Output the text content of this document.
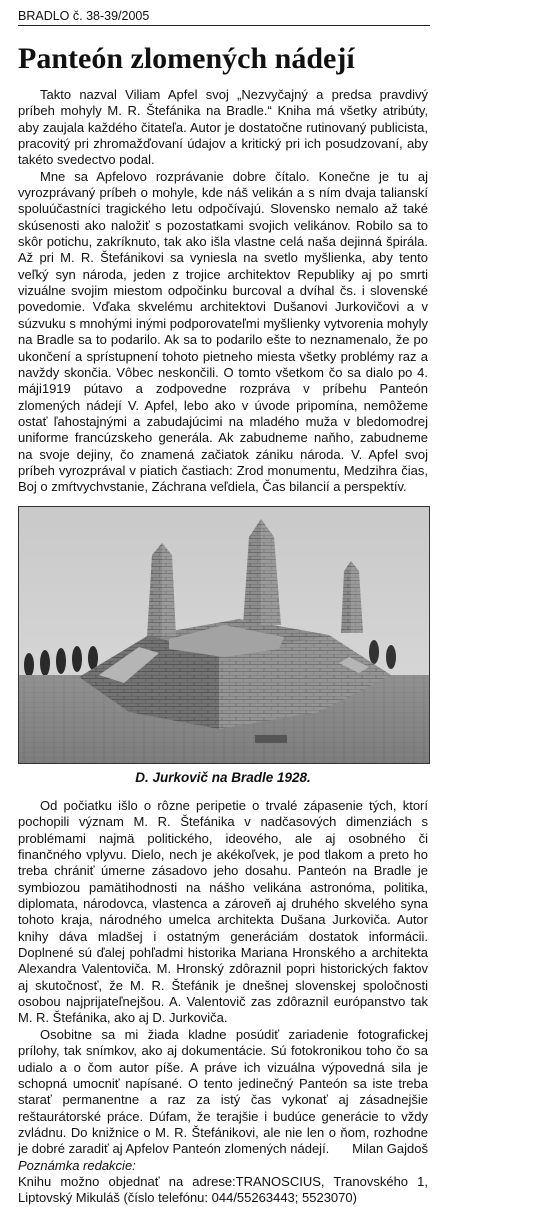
BRADLO č. 38-39/2005
Panteón zlomených nádejí

Takto nazval Viliam Apfel svoj „Nezvyčajný a predsa pravdivý príbeh mohyly M. R. Štefánika na Bradle.“ Kniha má všetky atribúty, aby zaujala každého čitateľa. Autor je dostatočne rutinovaný publicista, pracovitý pri zhromažďovaní údajov a kritický pri ich posudzovaní, aby takéto svedectvo podal.

Mne sa Apfelovo rozprávanie dobre čítalo. Konečne je tu aj vyrozprávaný príbeh o mohyle, kde náš velikán a s ním dvaja talianskí spoluúčastníci tragického letu odpočívajú. Slovensko nemalo až také skúsenosti ako naložiť s pozostatkami svojich velikánov. Robilo sa to skôr potichu, zakríknuto, tak ako išla vlastne celá naša dejinná špirála. Až pri M. R. Štefánikovi sa vyniesla na svetlo myšlienka, aby tento veľký syn národa, jeden z trojice architektov Republiky aj po smrti vizuálne svojim miestom odpočinku burcoval a dvíhal čs. i slovenské povedomie. Vďaka skvelému architektovi Dušanovi Jurkovičovi a v súzvuku s mnohými inými podporovateľmi myšlienky vytvorenia mohyly na Bradle sa to podarilo. Ak sa to podarilo ešte to neznamenalo, že po ukončení a sprístupnení tohoto pietneho miesta všetky problémy raz a navždy skončia. Vôbec neskončili. O tomto všetkom čo sa dialo po 4. máji1919 pútavo a zodpovedne rozpráva v príbehu Panteón zlomených nádejí V. Apfel, lebo ako v úvode pripomína, nemôžeme ostať ľahostajnými a zabudajúcimi na mladého muža v bledomodrej uniforme francúzskeho generála. Ak zabudneme naňho, zabudneme na svoje dejiny, čo znamená začiatok zániku národa. V. Apfel svoj príbeh vyrozprával v piatich častiach: Zrod monumentu, Medzihra čias, Boj o zmŕtvychvstanie, Záchrana veľdiela, Čas bilancií a perspektív.

D. Jurkovič na Bradle 1928.

Od počiatku išlo o rôzne peripetie o trvalé zápasenie tých, ktorí pochopili význam M. R. Štefánika v nadčasových dimenziách s problémami najmä politického, ideového, ale aj osobného či finančného vplyvu. Dielo, nech je akékoľvek, je pod tlakom a preto ho treba chrániť úmerne zásadovo jeho dosahu. Panteón na Bradle je symbiozou pamätihodnosti na nášho velikána astronóma, politika, diplomata, národovca, vlastenca a zároveň aj druhého skvelého syna tohoto kraja, národného umelca architekta Dušana Jurkoviča. Autor knihy dáva mladšej i ostatným generáciám dostatok informácii. Doplnené sú ďalej pohľadmi historika Mariana Hronského a architekta Alexandra Valentoviča. M. Hronský zdôraznil popri historických faktov aj skutočnosť, že M. R. Štefánik je dnešnej slovenskej spoločnosti osobou najprijateľnejšou. A. Valentovič zas zdôraznil európanstvo tak M. R. Štefánika, ako aj D. Jurkoviča.

Osobitne sa mi žiada kladne posúdiť zariadenie fotografickej prílohy, tak snímkov, ako aj dokumentácie. Sú fotokronikou toho čo sa udialo a o čom autor píše. A práve ich vizuálna výpovedná sila je schopná umocniť napísané. O tento jedinečný Panteón sa iste treba starať permanentne a raz za istý čas vykonať aj zásadnejšie reštaurátorské práce. Dúfam, že terajšie i budúce generácie to vždy zvládnu. Do knižnice o M. R. Štefánikovi, ale nie len o ňom, rozhodne je dobré zaradiť aj Apfelov Panteón zlomených nádejí. Milan Gajdoš

Poznámka redakcie:

Knihu možno objednať na adrese:TRANOSCIUS, Tranovského 1, Liptovský Mikuláš (číslo telefónu: 044/55263443; 5523070)
